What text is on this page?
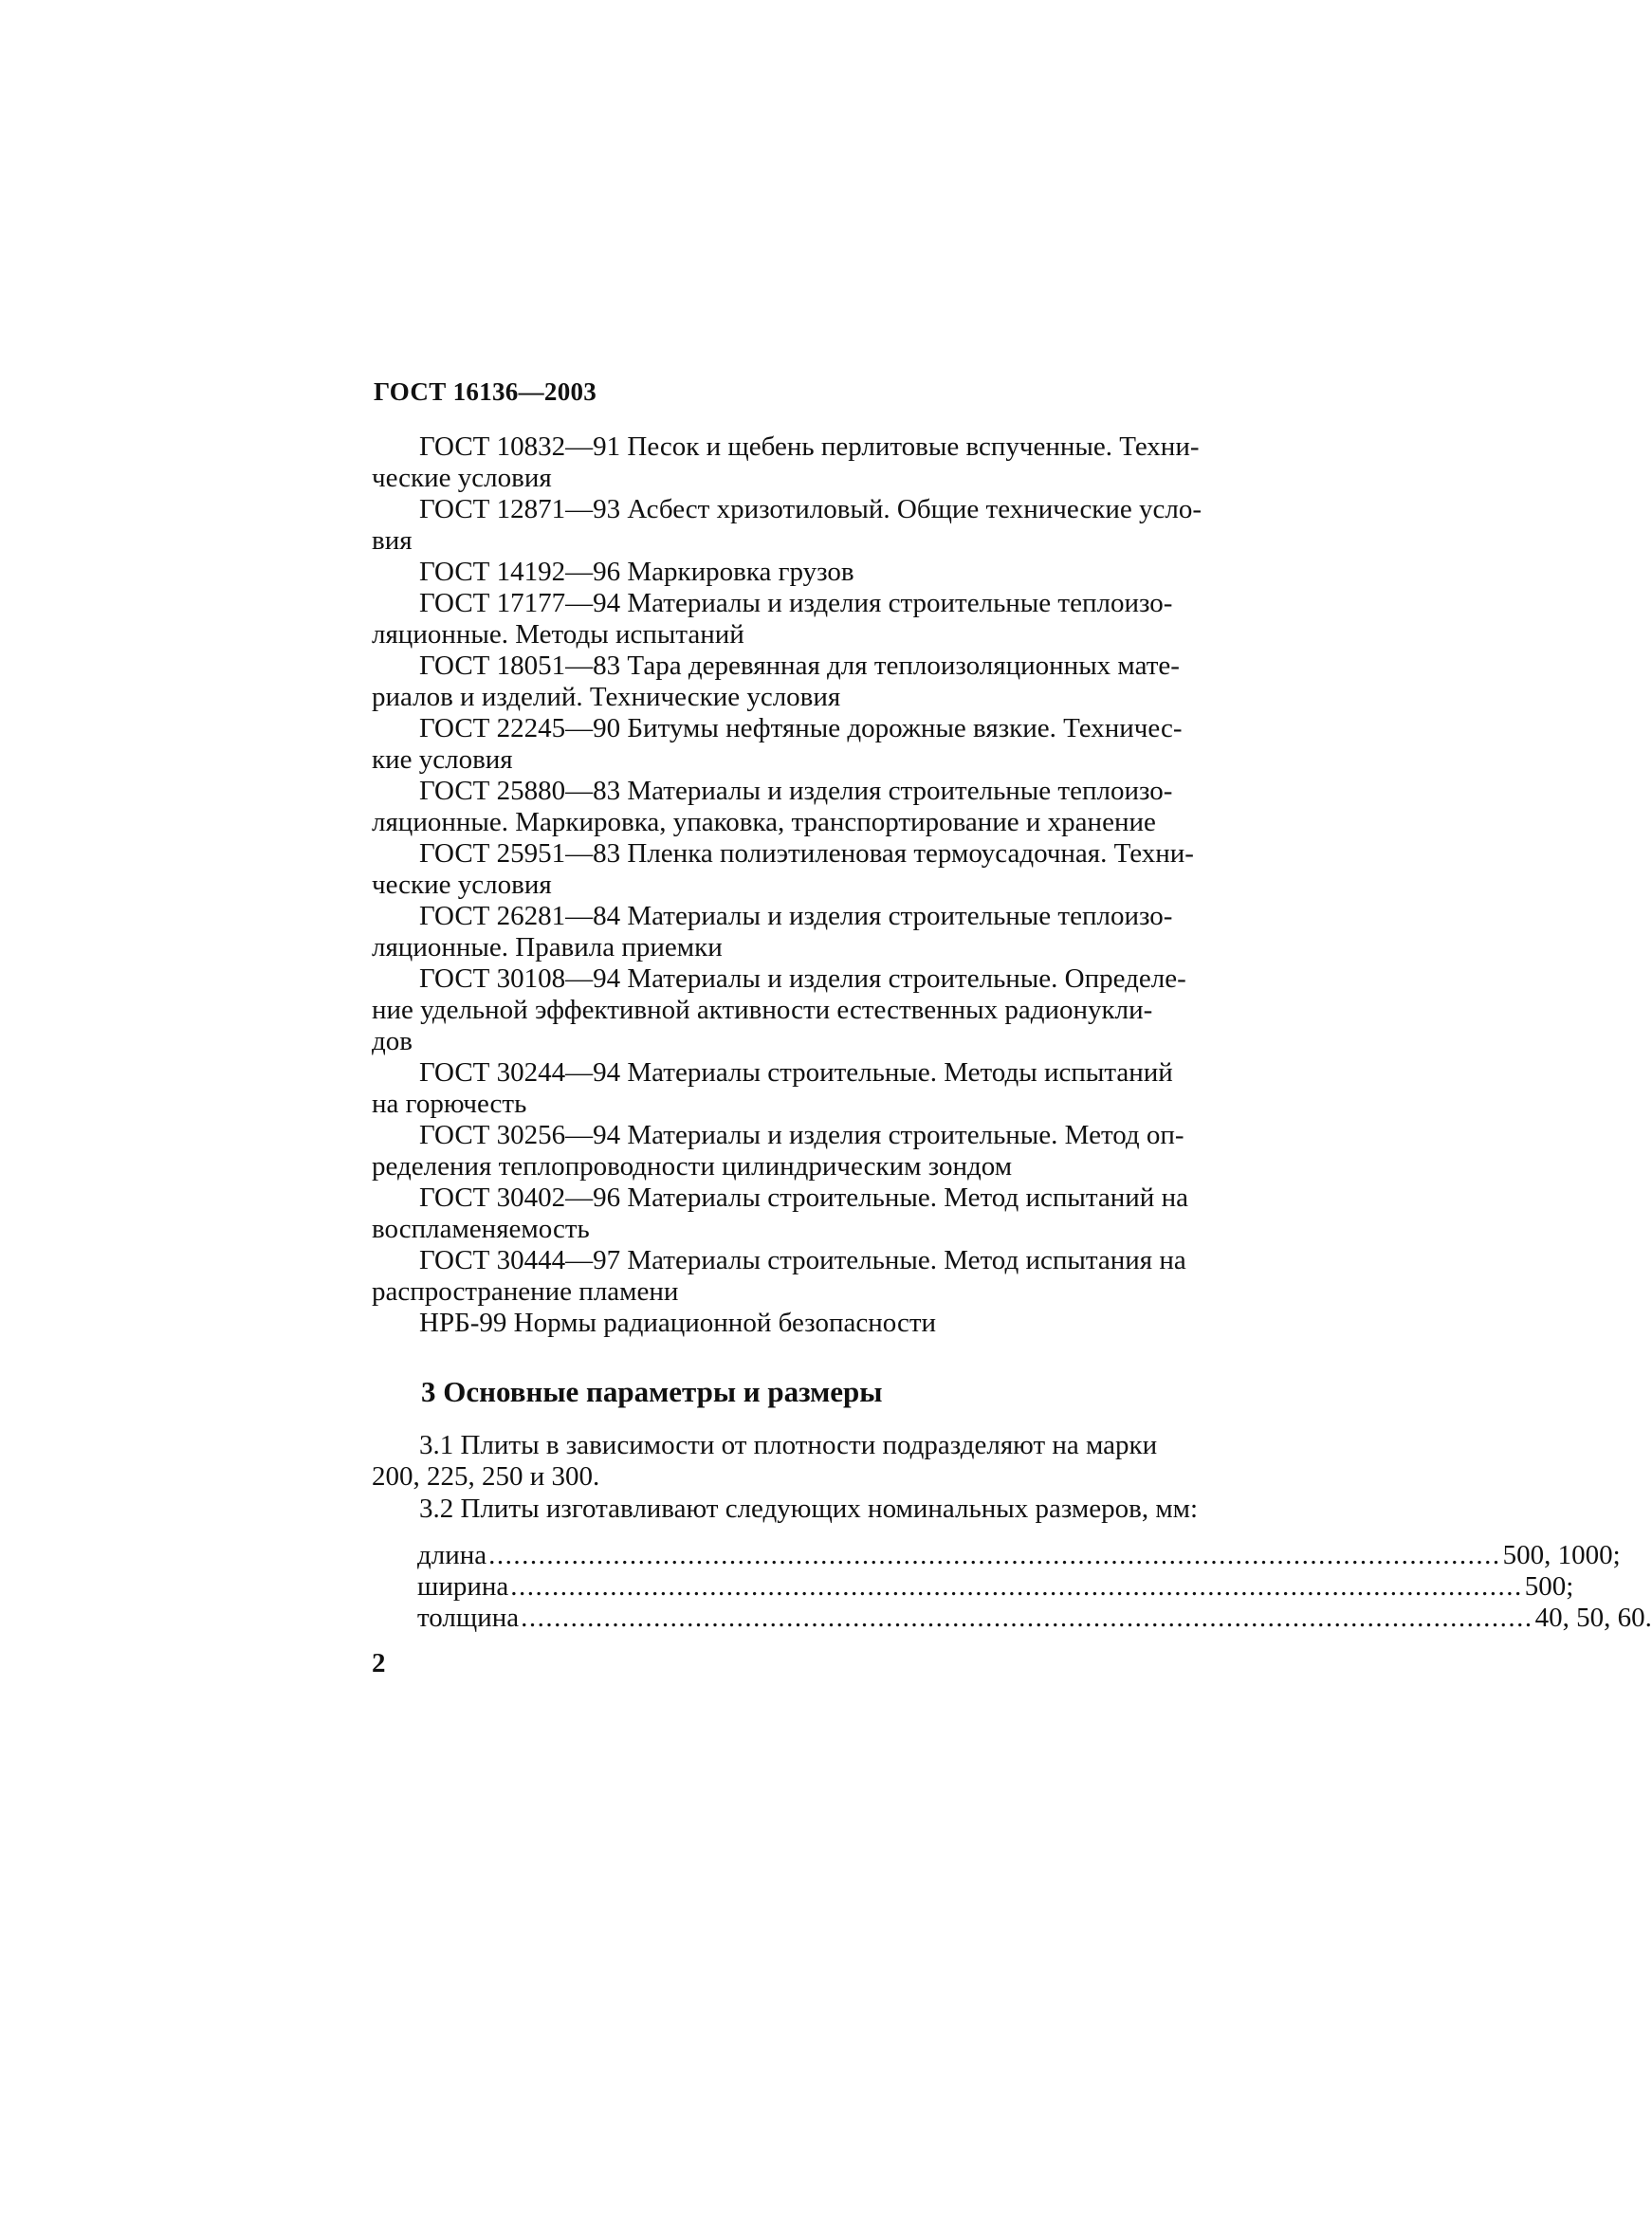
ГОСТ 16136—2003
ГОСТ 10832—91 Песок и щебень перлитовые вспученные. Техни-
ческие условия
ГОСТ 12871—93 Асбест хризотиловый. Общие технические усло-
вия
ГОСТ 14192—96 Маркировка грузов
ГОСТ 17177—94 Материалы и изделия строительные теплоизо-
ляционные. Методы испытаний
ГОСТ 18051—83 Тара деревянная для теплоизоляционных мате-
риалов и изделий. Технические условия
ГОСТ 22245—90 Битумы нефтяные дорожные вязкие. Техничес-
кие условия
ГОСТ 25880—83 Материалы и изделия строительные теплоизо-
ляционные. Маркировка, упаковка, транспортирование и хранение
ГОСТ 25951—83 Пленка полиэтиленовая термоусадочная. Техни-
ческие условия
ГОСТ 26281—84 Материалы и изделия строительные теплоизо-
ляционные. Правила приемки
ГОСТ 30108—94 Материалы и изделия строительные. Определе-
ние удельной эффективной активности естественных радионукли-
дов
ГОСТ 30244—94 Материалы строительные. Методы испытаний
на горючесть
ГОСТ 30256—94 Материалы и изделия строительные. Метод оп-
ределения теплопроводности цилиндрическим зондом
ГОСТ 30402—96 Материалы строительные. Метод испытаний на
воспламеняемость
ГОСТ 30444—97 Материалы строительные. Метод испытания на
распространение пламени
НРБ-99 Нормы радиационной безопасности
3 Основные параметры и размеры
3.1 Плиты в зависимости от плотности подразделяют на марки
200, 225, 250 и 300.
3.2 Плиты изготавливают следующих номинальных размеров, мм:
длина .......................................................................................................................... 500, 1000;
ширина .......................................................................................................................... 500;
толщина .......................................................................................................................... 40, 50, 60.
2
